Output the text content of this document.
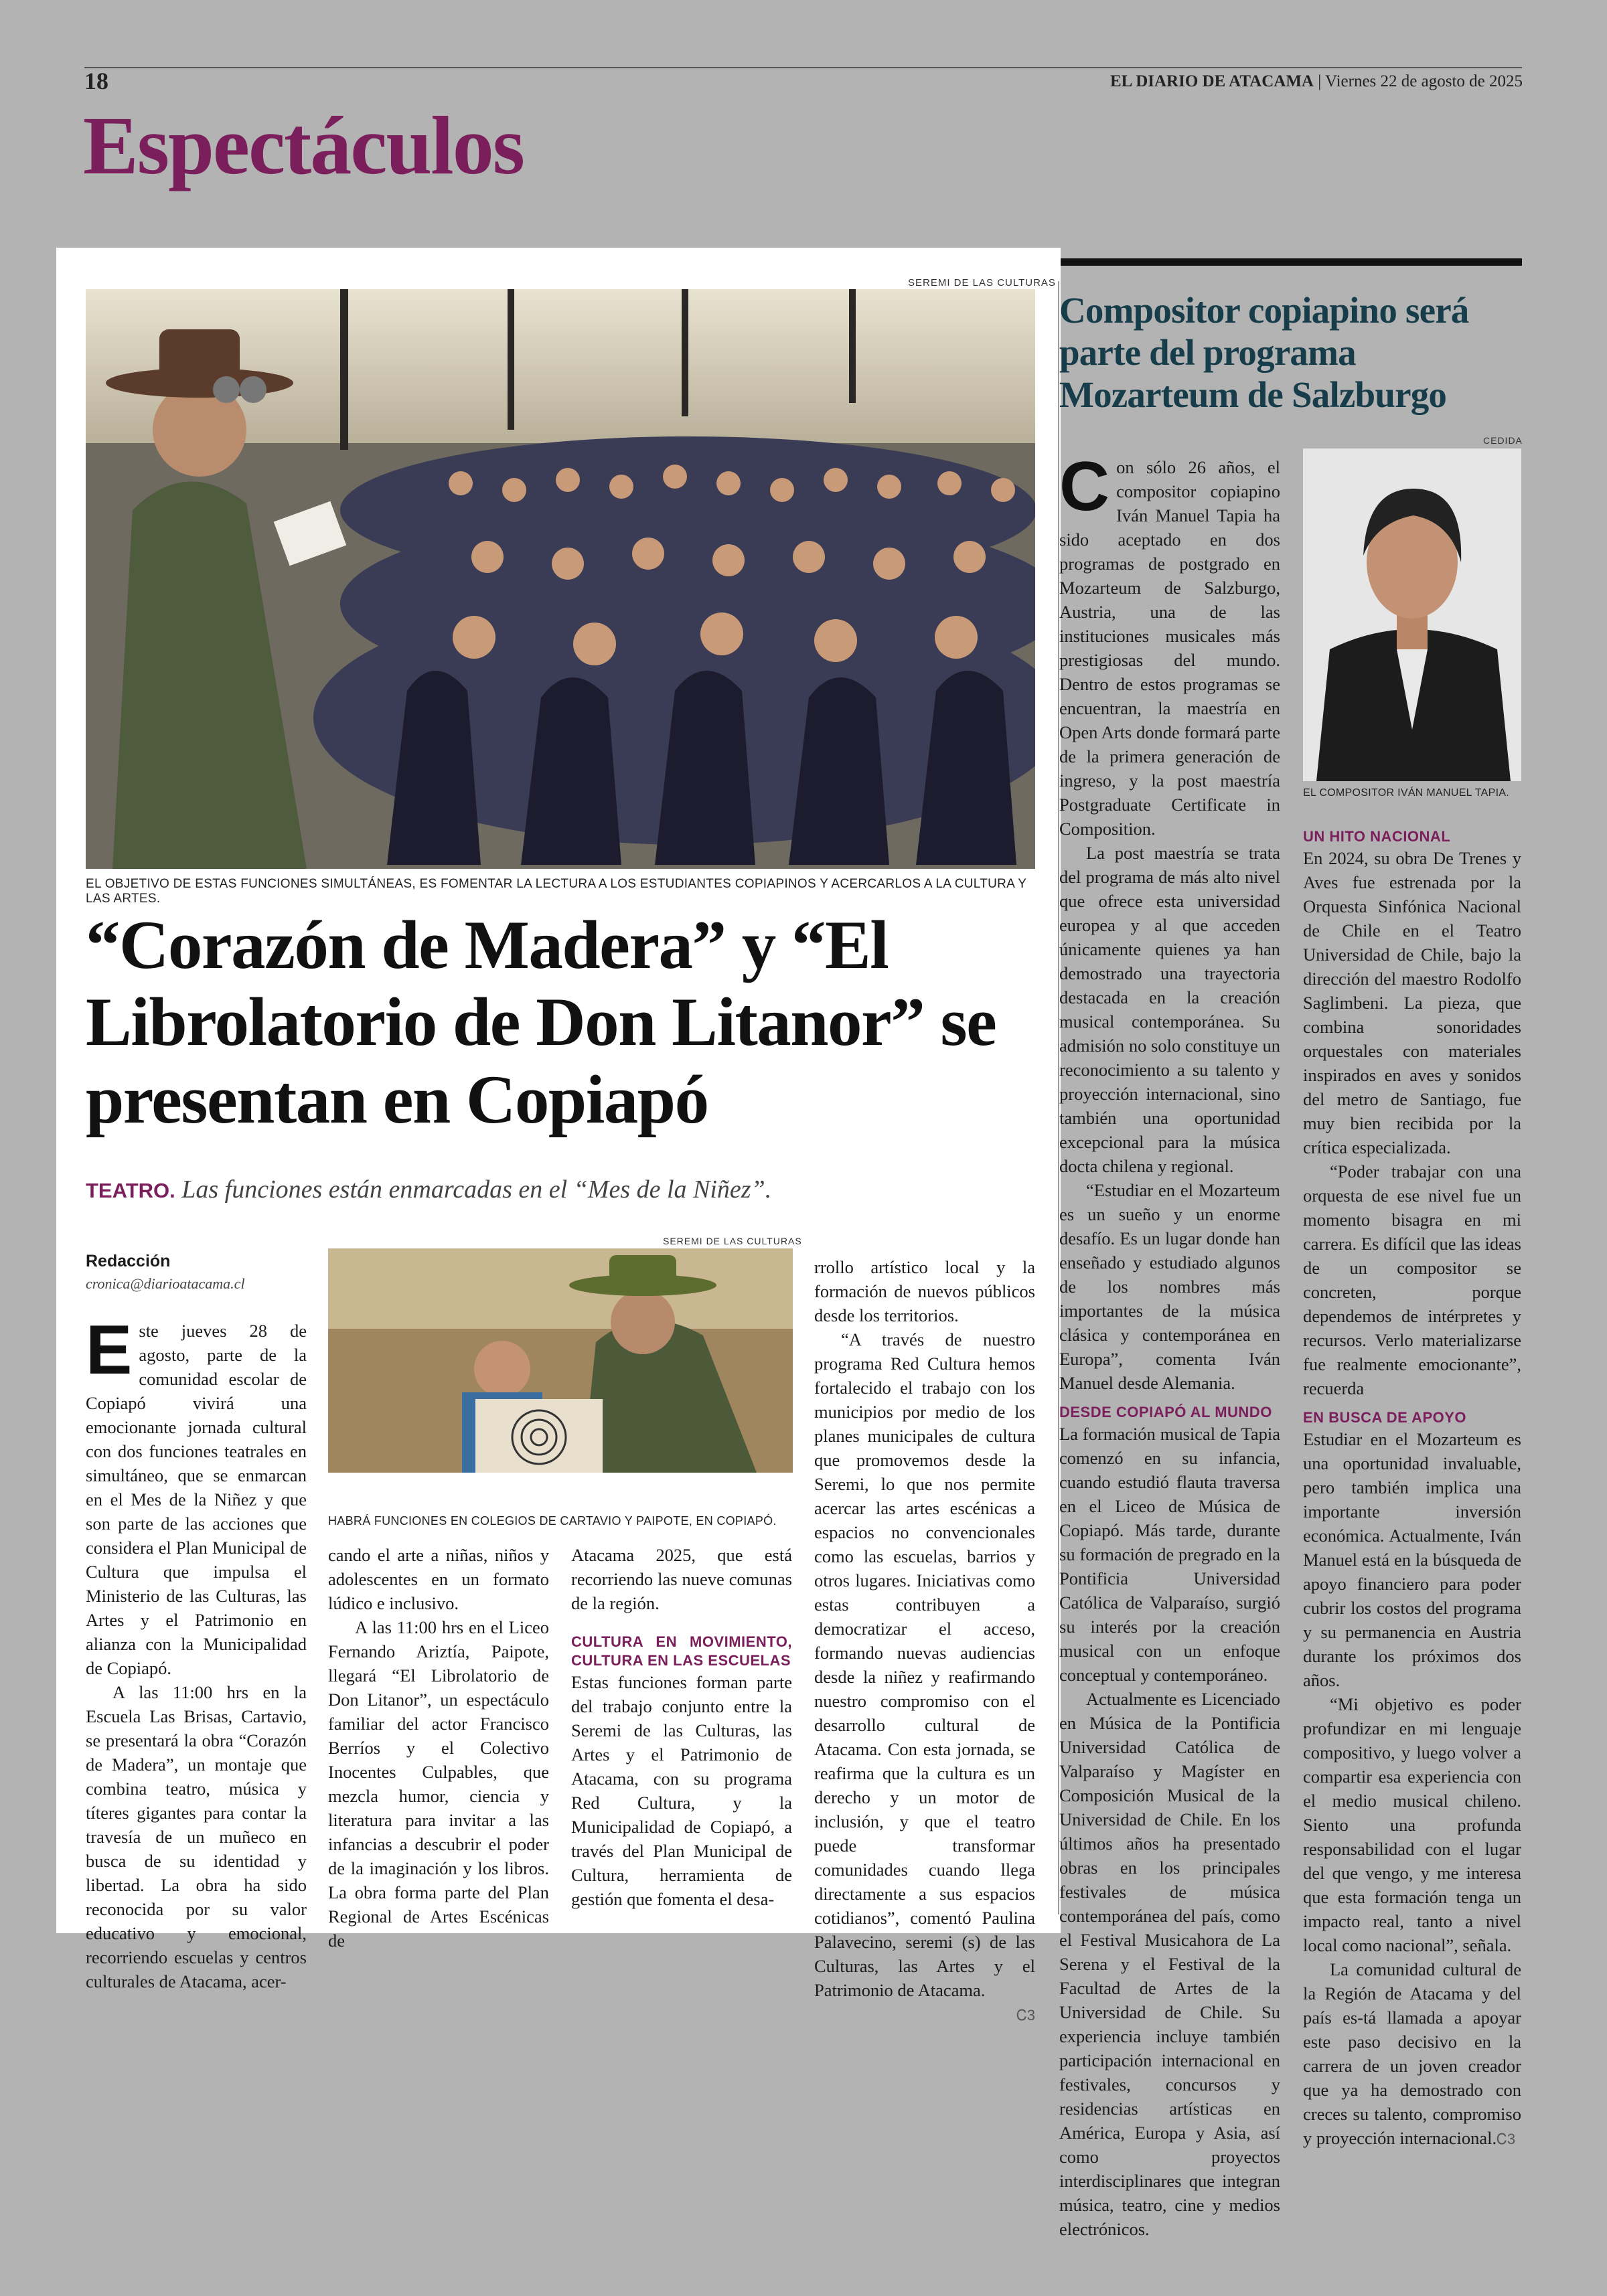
18	EL DIARIO DE ATACAMA | Viernes 22 de agosto de 2025
Espectáculos
SEREMI DE LAS CULTURAS
EL OBJETIVO DE ESTAS FUNCIONES SIMULTÁNEAS, ES FOMENTAR LA LECTURA A LOS ESTUDIANTES COPIAPINOS Y ACERCARLOS A LA CULTURA Y LAS ARTES.
“Corazón de Madera” y “El Librolatorio de Don Litanor” se presentan en Copiapó
TEATRO. Las funciones están enmarcadas en el “Mes de la Niñez”.
Redacción
cronica@diarioatacama.cl

E ste jueves 28 de agosto, parte de la comunidad escolar de Copiapó vivirá una emocionante jornada cultural con dos funciones teatrales en simultáneo, que se enmarcan en el Mes de la Niñez y que son parte de las acciones que considera el Plan Municipal de Cultura que impulsa el Ministerio de las Culturas, las Artes y el Patrimonio en alianza con la Municipalidad de Copiapó.

A las 11:00 hrs en la Escuela Las Brisas, Cartavio, se presentará la obra “Corazón de Madera”, un montaje que combina teatro, música y títeres gigantes para contar la travesía de un muñeco en busca de su identidad y libertad. La obra ha sido reconocida por su valor educativo y emocional, recorriendo escuelas y centros culturales de Atacama, acer-

SEREMI DE LAS CULTURAS
HABRÁ FUNCIONES EN COLEGIOS DE CARTAVIO Y PAIPOTE, EN COPIAPÓ.

cando el arte a niñas, niños y adolescentes en un formato lúdico e inclusivo.

A las 11:00 hrs en el Liceo Fernando Ariztía, Paipote, llegará “El Librolatorio de Don Litanor”, un espectáculo familiar del actor Francisco Berríos y el Colectivo Inocentes Culpables, que mezcla humor, ciencia y literatura para invitar a las infancias a descubrir el poder de la imaginación y los libros. La obra forma parte del Plan Regional de Artes Escénicas de

Atacama 2025, que está recorriendo las nueve comunas de la región.

CULTURA EN MOVIMIENTO, CULTURA EN LAS ESCUELAS

Estas funciones forman parte del trabajo conjunto entre la Seremi de las Culturas, las Artes y el Patrimonio de Atacama, con su programa Red Cultura, y la Municipalidad de Copiapó, a través del Plan Municipal de Cultura, herramienta de gestión que fomenta el desa-

rrollo artístico local y la formación de nuevos públicos desde los territorios.

“A través de nuestro programa Red Cultura hemos fortalecido el trabajo con los municipios por medio de los planes municipales de cultura que promovemos desde la Seremi, lo que nos permite acercar las artes escénicas a espacios no convencionales como las escuelas, barrios y otros lugares. Iniciativas como estas contribuyen a democratizar el acceso, formando nuevas audiencias desde la niñez y reafirmando nuestro compromiso con el desarrollo cultural de Atacama. Con esta jornada, se reafirma que la cultura es un derecho y un motor de inclusión, y que el teatro puede transformar comunidades cuando llega directamente a sus espacios cotidianos”, comentó Paulina Palavecino, seremi (s) de las Culturas, las Artes y el Patrimonio de Atacama.

Ꮯ3

Compositor copiapino será parte del programa Mozarteum de Salzburgo

C on sólo 26 años, el compositor copiapino Iván Manuel Tapia ha sido aceptado en dos programas de postgrado en Mozarteum de Salzburgo, Austria, una de las instituciones musicales más prestigiosas del mundo. Dentro de estos programas se encuentran, la maestría en Open Arts donde formará parte de la primera generación de ingreso, y la post maestría Postgraduate Certificate in Composition.

La post maestría se trata del programa de más alto nivel que ofrece esta universidad europea y al que acceden únicamente quienes ya han demostrado una trayectoria destacada en la creación musical contemporánea. Su admisión no solo constituye un reconocimiento a su talento y proyección internacional, sino también una oportunidad excepcional para la música docta chilena y regional.

“Estudiar en el Mozarteum es un sueño y un enorme desafío. Es un lugar donde han enseñado y estudiado algunos de los nombres más importantes de la música clásica y contemporánea en Europa”, comenta Iván Manuel desde Alemania.

DESDE COPIAPÓ AL MUNDO

La formación musical de Tapia comenzó en su infancia, cuando estudió flauta traversa en el Liceo de Música de Copiapó. Más tarde, durante su formación de pregrado en la Pontificia Universidad Católica de Valparaíso, surgió su interés por la creación musical con un enfoque conceptual y contemporáneo.

Actualmente es Licenciado en Música de la Pontificia Universidad Católica de Valparaíso y Magíster en Composición Musical de la Universidad de Chile. En los últimos años ha presentado obras en los principales festivales de música contemporánea del país, como el Festival Musicahora de La Serena y el Festival de la Facultad de Artes de la Universidad de Chile. Su experiencia incluye también participación internacional en festivales, concursos y residencias artísticas en América, Europa y Asia, así como proyectos interdisciplinares que integran música, teatro, cine y medios electrónicos.

CEDIDA
EL COMPOSITOR IVÁN MANUEL TAPIA.

UN HITO NACIONAL

En 2024, su obra De Trenes y Aves fue estrenada por la Orquesta Sinfónica Nacional de Chile en el Teatro Universidad de Chile, bajo la dirección del maestro Rodolfo Saglimbeni. La pieza, que combina sonoridades orquestales con materiales inspirados en aves y sonidos del metro de Santiago, fue muy bien recibida por la crítica especializada.

“Poder trabajar con una orquesta de ese nivel fue un momento bisagra en mi carrera. Es difícil que las ideas de un compositor se concreten, porque dependemos de intérpretes y recursos. Verlo materializarse fue realmente emocionante”, recuerda

EN BUSCA DE APOYO

Estudiar en el Mozarteum es una oportunidad invaluable, pero también implica una importante inversión económica. Actualmente, Iván Manuel está en la búsqueda de apoyo financiero para poder cubrir los costos del programa y su permanencia en Austria durante los próximos dos años.

“Mi objetivo es poder profundizar en mi lenguaje compositivo, y luego volver a compartir esa experiencia con el medio musical chileno. Siento una profunda responsabilidad con el lugar del que vengo, y me interesa que esta formación tenga un impacto real, tanto a nivel local como nacional”, señala.

La comunidad cultural de la Región de Atacama y del país es-tá llamada a apoyar este paso decisivo en la carrera de un joven creador que ya ha demostrado con creces su talento, compromiso y proyección internacional.Ꮯ3
